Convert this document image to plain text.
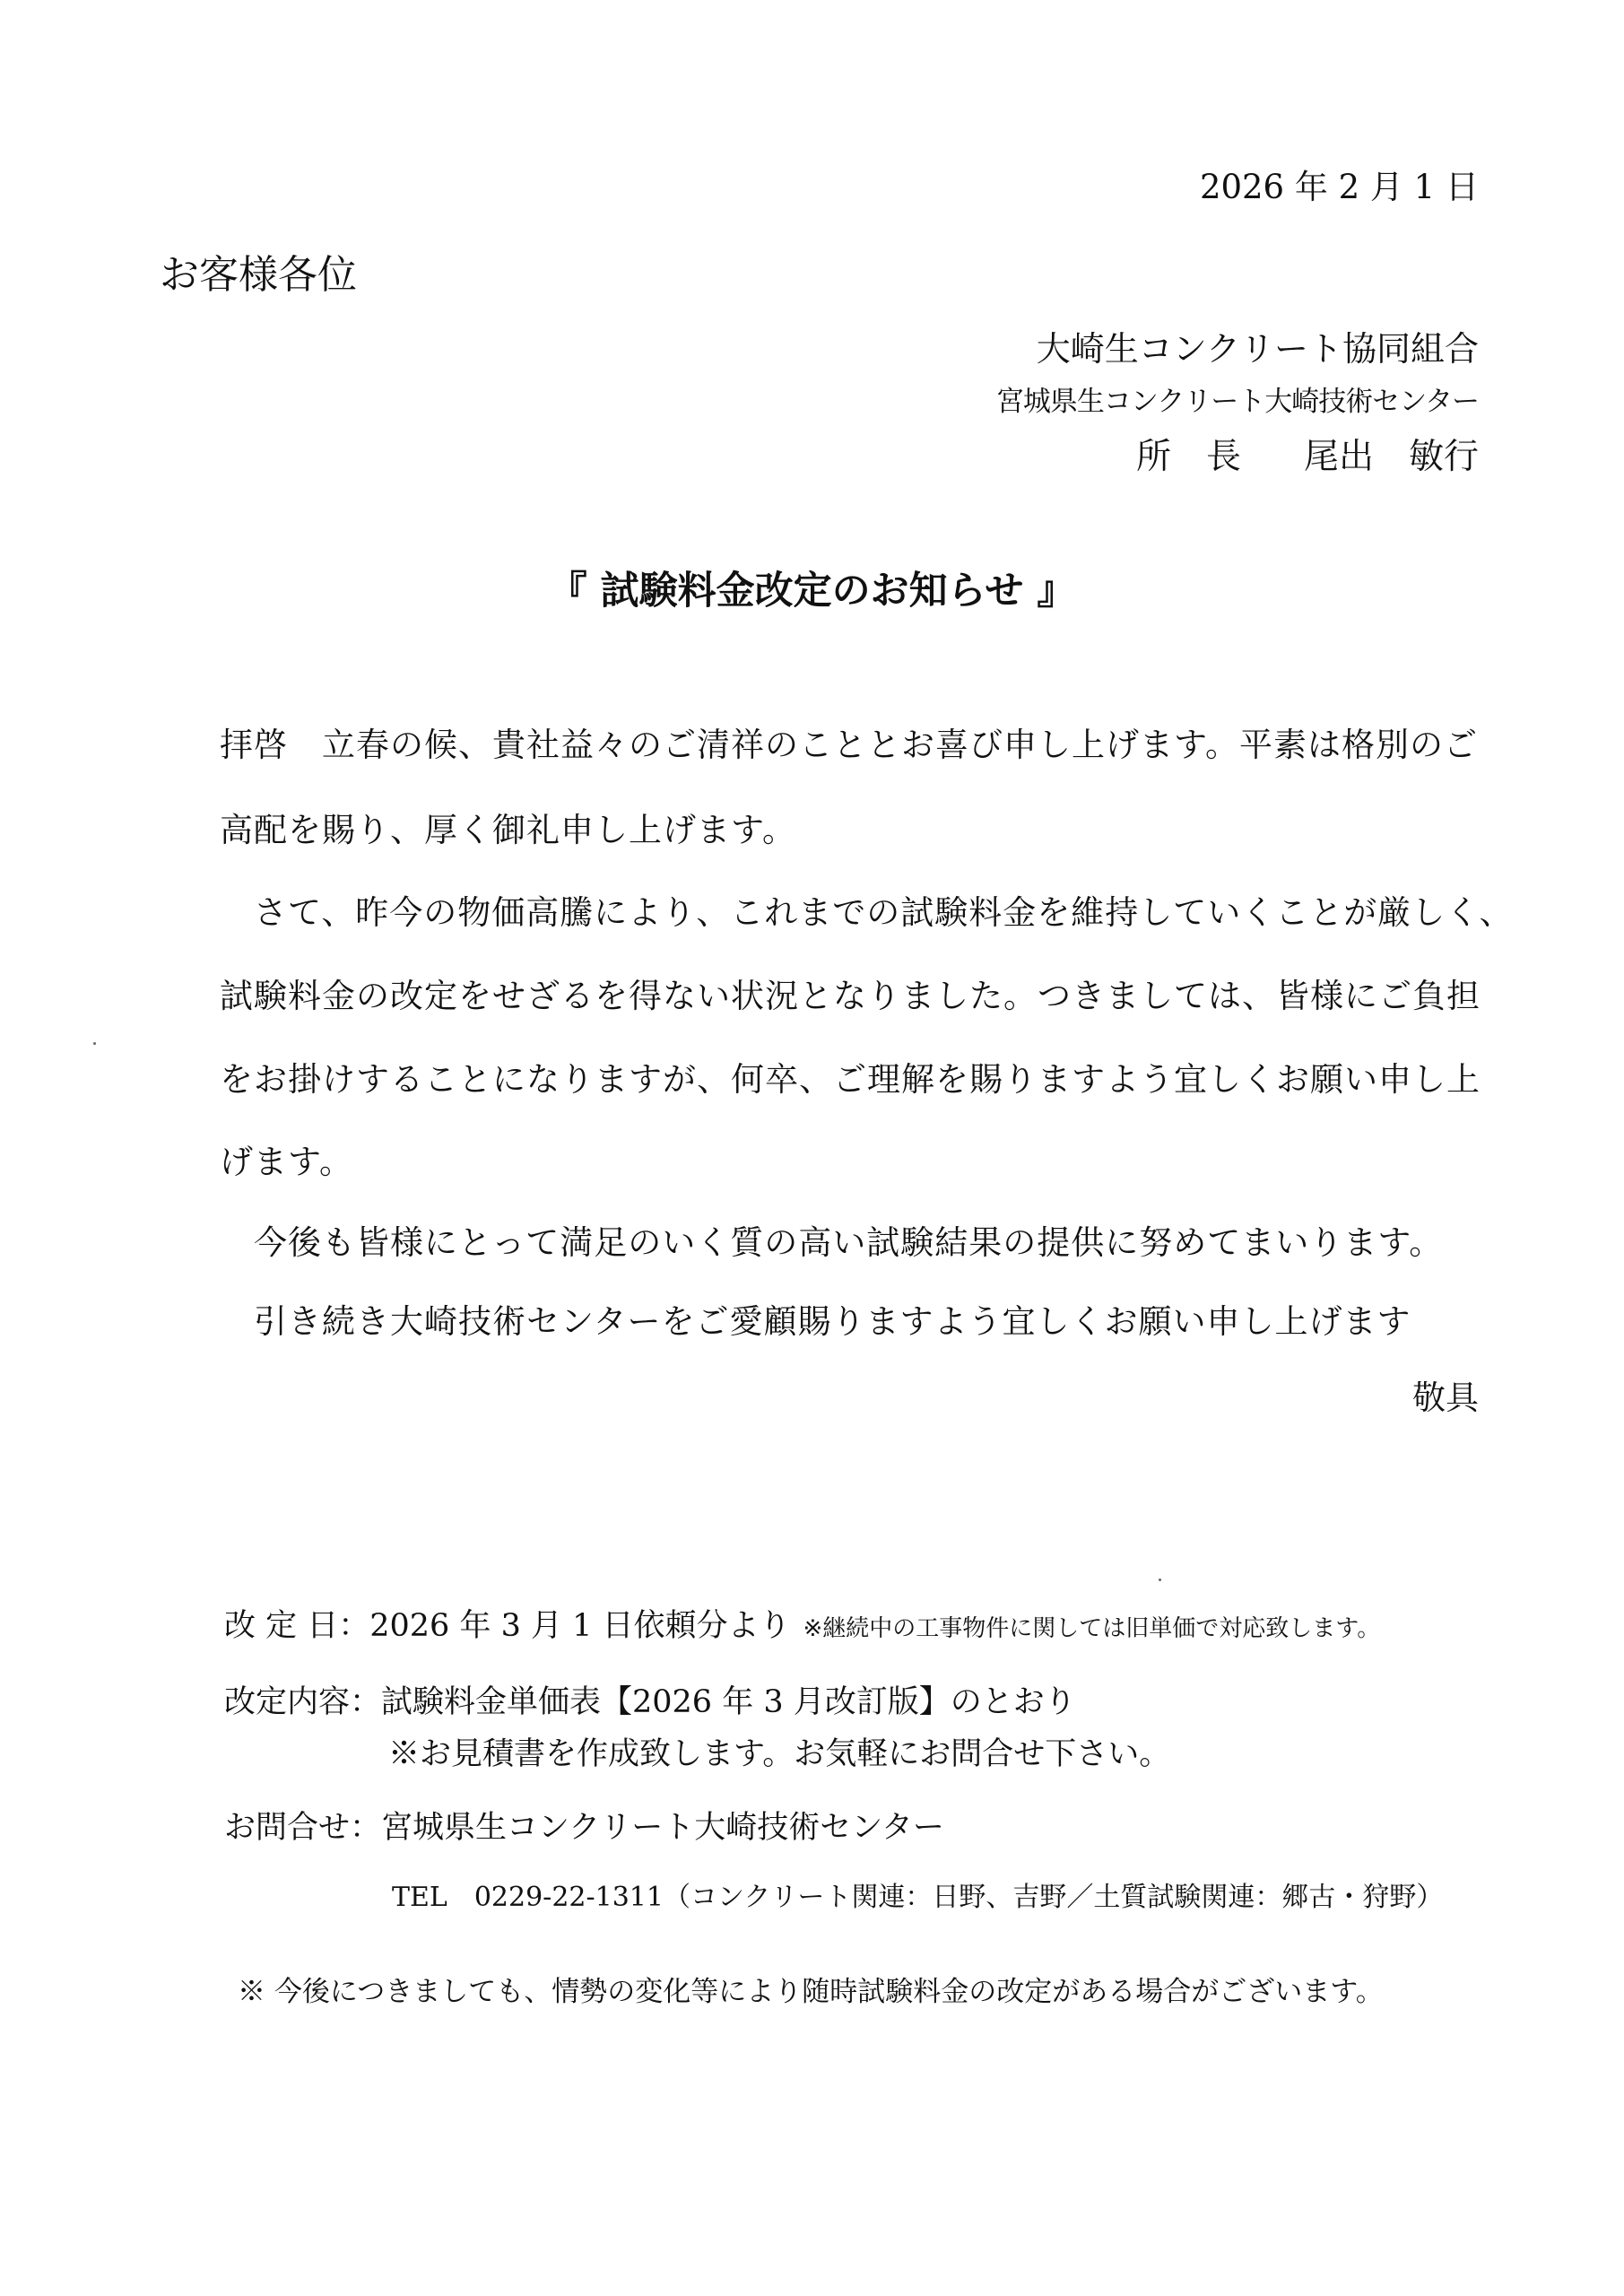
2026 年 2 月 1 日
お客様各位
大崎生コンクリート協同組合
宮城県生コンクリート大崎技術センター
所　長 尾出　敏行
『 試験料金改定のお知らせ 』
拝啓　立春の候、貴社益々のご清祥のこととお喜び申し上げます。平素は格別のご
高配を賜り、厚く御礼申し上げます。
　さて、昨今の物価高騰により、これまでの試験料金を維持していくことが厳しく、
試験料金の改定をせざるを得ない状況となりました。つきましては、皆様にご負担
をお掛けすることになりますが、何卒、ご理解を賜りますよう宜しくお願い申し上
げます。
　今後も皆様にとって満足のいく質の高い試験結果の提供に努めてまいります。
　引き続き大崎技術センターをご愛顧賜りますよう宜しくお願い申し上げます
敬具
改 定 日：2026 年 3 月 1 日依頼分より ※継続中の工事物件に関しては旧単価で対応致します。
改定内容：試験料金単価表【2026 年 3 月改訂版】のとおり
※お見積書を作成致します。お気軽にお問合せ下さい。
お問合せ：宮城県生コンクリート大崎技術センター
TEL　0229-22-1311（コンクリート関連：日野、吉野／土質試験関連：郷古・狩野）
※ 今後につきましても、情勢の変化等により随時試験料金の改定がある場合がございます。
